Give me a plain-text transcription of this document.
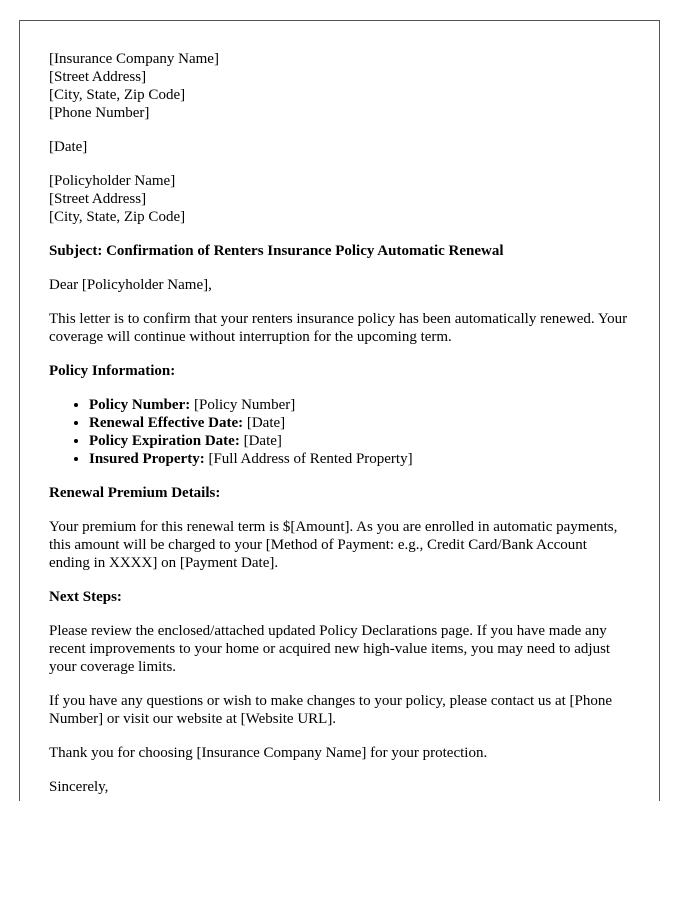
[Insurance Company Name]
[Street Address]
[City, State, Zip Code]
[Phone Number]
[Date]
[Policyholder Name]
[Street Address]
[City, State, Zip Code]

Subject: Confirmation of Renters Insurance Policy Automatic Renewal

Dear [Policyholder Name],

This letter is to confirm that your renters insurance policy has been automatically renewed. Your coverage will continue without interruption for the upcoming term.

Policy Information:

• Policy Number: [Policy Number]
• Renewal Effective Date: [Date]
• Policy Expiration Date: [Date]
• Insured Property: [Full Address of Rented Property]

Renewal Premium Details:

Your premium for this renewal term is $[Amount]. As you are enrolled in automatic payments, this amount will be charged to your [Method of Payment: e.g., Credit Card/Bank Account ending in XXXX] on [Payment Date].

Next Steps:

Please review the enclosed/attached updated Policy Declarations page. If you have made any recent improvements to your home or acquired new high-value items, you may need to adjust your coverage limits.

If you have any questions or wish to make changes to your policy, please contact us at [Phone Number] or visit our website at [Website URL].

Thank you for choosing [Insurance Company Name] for your protection.

Sincerely,
